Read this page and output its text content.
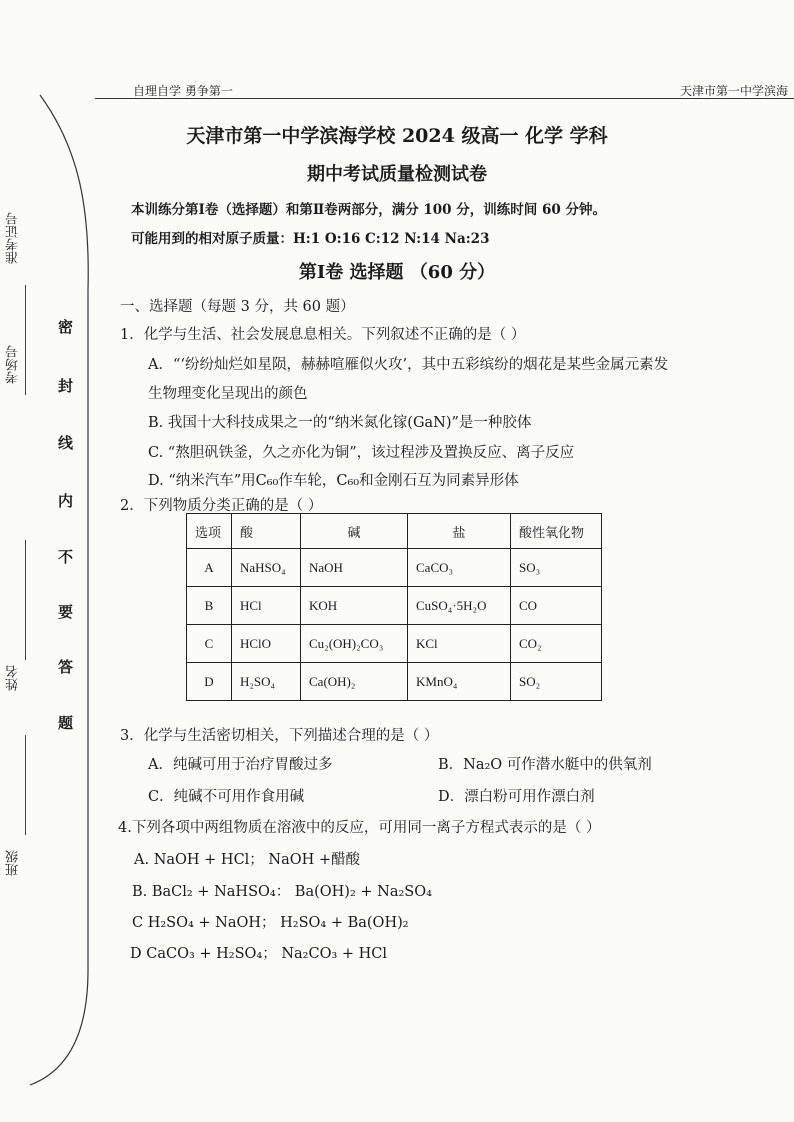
自理自学 勇争第一	天津市第一中学滨海
准考证号
考场号
姓名
班级
密
封
线
内
不
要
答
题
天津市第一中学滨海学校 2024 级高一 化学 学科
期中考试质量检测试卷
本训练分第Ⅰ卷（选择题）和第Ⅱ卷两部分，满分 100 分，训练时间 60 分钟。
可能用到的相对原子质量：H:1 O:16 C:12 N:14 Na:23
第Ⅰ卷 选择题 （60 分）
一、选择题（每题 3 分，共 60 题）
1．化学与生活、社会发展息息相关。下列叙述不正确的是（ ）
A．“‘纷纷灿烂如星陨，赫赫喧雁似火攻’，其中五彩缤纷的烟花是某些金属元素发
生物理变化呈现出的颜色
B. 我国十大科技成果之一的“纳米氮化镓(GaN)”是一种胶体
C. “熬胆矾铁釜，久之亦化为铜”，该过程涉及置换反应、离子反应
D. “纳米汽车”用C₆₀作车轮，C₆₀和金刚石互为同素异形体
2．下列物质分类正确的是（ ）
选项	酸	碱	盐	酸性氧化物
A	NaHSO₄	NaOH	CaCO₃	SO₃
B	HCl	KOH	CuSO₄·5H₂O	CO
C	HClO	Cu₂(OH)₂CO₃	KCl	CO₂
D	H₂SO₄	Ca(OH)₂	KMnO₄	SO₂
3．化学与生活密切相关，下列描述合理的是（ ）
A．纯碱可用于治疗胃酸过多	B．Na₂O 可作潜水艇中的供氧剂
C．纯碱不可用作食用碱	D．漂白粉可用作漂白剂
4.下列各项中两组物质在溶液中的反应，可用同一离子方程式表示的是（ ）
A. NaOH + HCl； NaOH +醋酸
B. BaCl₂ + NaHSO₄： Ba(OH)₂ + Na₂SO₄
C H₂SO₄ + NaOH； H₂SO₄ + Ba(OH)₂
D CaCO₃ + H₂SO₄； Na₂CO₃ + HCl
